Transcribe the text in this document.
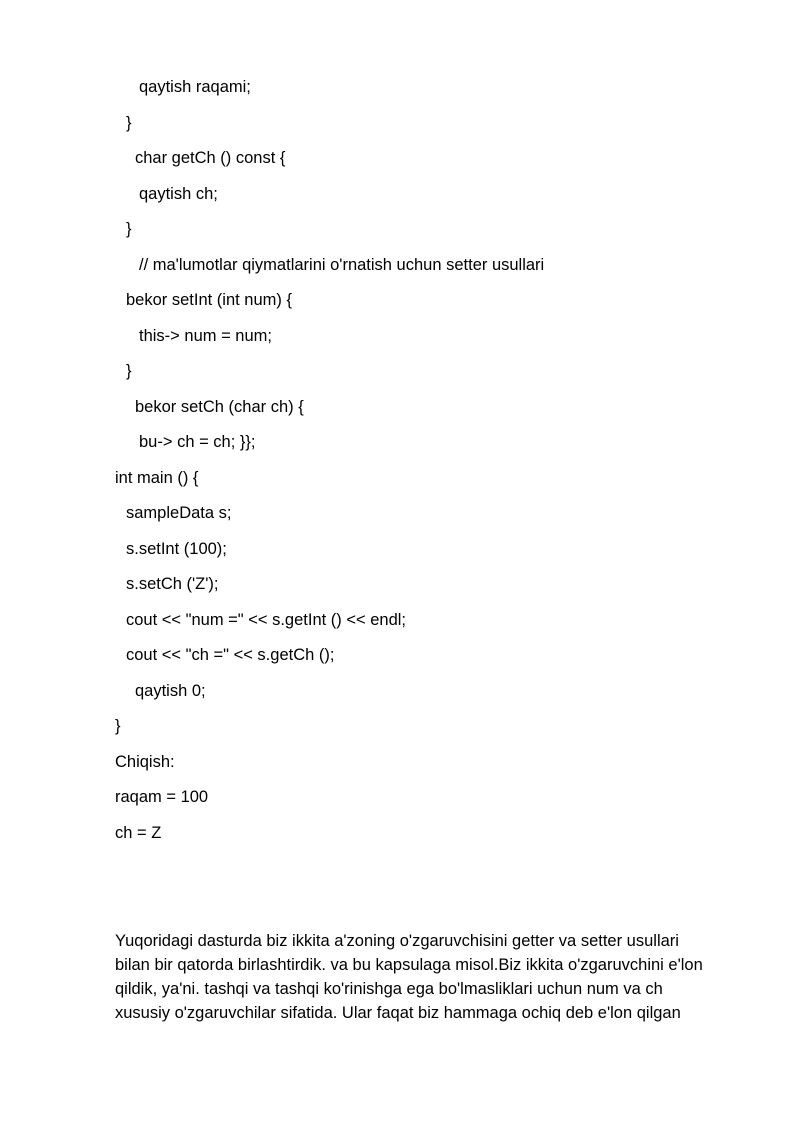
qaytish raqami;
}
char getCh () const {
qaytish ch;
}
// ma'lumotlar qiymatlarini o'rnatish uchun setter usullari
bekor setInt (int num) {
this-> num = num;
}
bekor setCh (char ch) {
bu-> ch = ch; }};
int main () {
sampleData s;
s.setInt (100);
s.setCh ('Z');
cout << "num =" << s.getInt () << endl;
cout << "ch =" << s.getCh ();
qaytish 0;
}
Chiqish:
raqam = 100
ch = Z
Yuqoridagi dasturda biz ikkita a'zoning o'zgaruvchisini getter va setter usullari
bilan bir qatorda birlashtirdik. va bu kapsulaga misol.Biz ikkita o'zgaruvchini e'lon
qildik, ya'ni. tashqi va tashqi ko'rinishga ega bo'lmasliklari uchun num va ch
xususiy o'zgaruvchilar sifatida. Ular faqat biz hammaga ochiq deb e'lon qilgan
